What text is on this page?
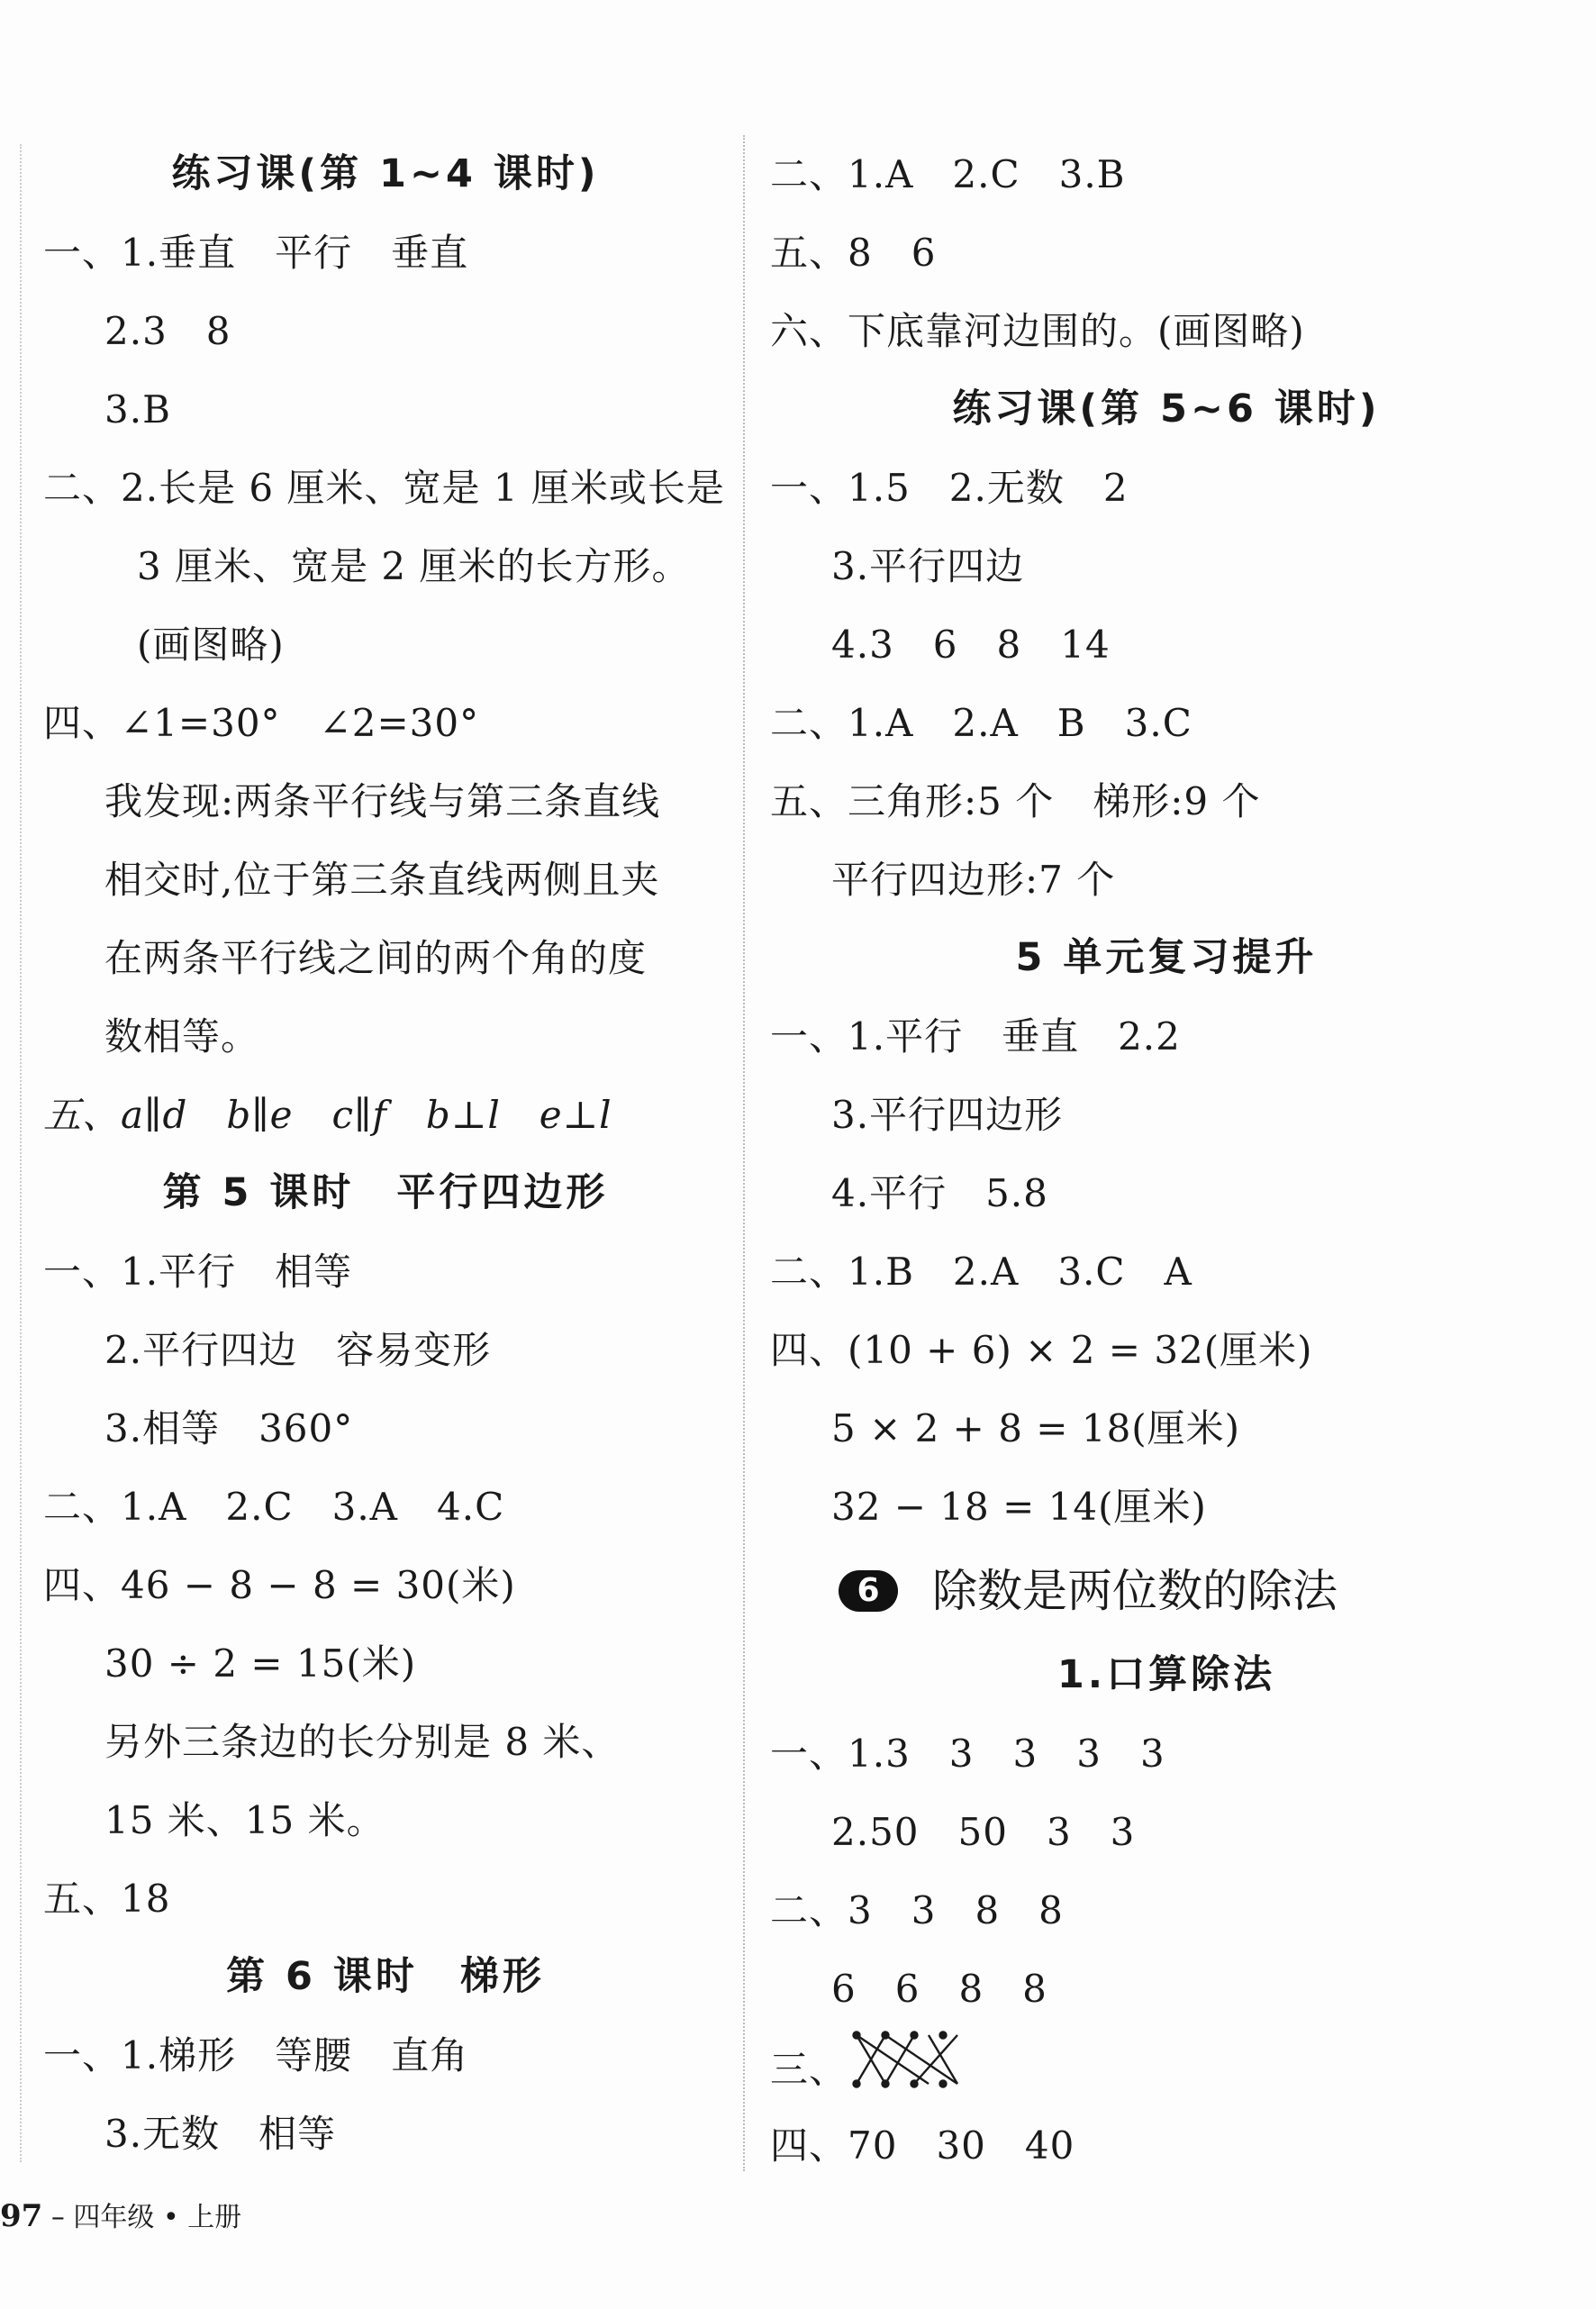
练习课(第 1~4 课时)
一、1.垂直　平行　垂直
2.3　8
3.B
二、2.长是 6 厘米、宽是 1 厘米或长是
3 厘米、宽是 2 厘米的长方形。
(画图略)
四、∠1=30°　∠2=30°
我发现:两条平行线与第三条直线
相交时,位于第三条直线两侧且夹
在两条平行线之间的两个角的度
数相等。
五、a∥d　b∥e　c∥f　b⊥l　e⊥l
第 5 课时　平行四边形
一、1.平行　相等
2.平行四边　容易变形
3.相等　360°
二、1.A　2.C　3.A　4.C
四、46 − 8 − 8 = 30(米)
30 ÷ 2 = 15(米)
另外三条边的长分别是 8 米、
15 米、15 米。
五、18
第 6 课时　梯形
一、1.梯形　等腰　直角
3.无数　相等
二、1.A　2.C　3.B
五、8　6
六、下底靠河边围的。(画图略)
练习课(第 5~6 课时)
一、1.5　2.无数　2
3.平行四边
4.3　6　8　14
二、1.A　2.A　B　3.C
五、三角形:5 个　梯形:9 个
平行四边形:7 个
5 单元复习提升
一、1.平行　垂直　2.2
3.平行四边形
4.平行　5.8
二、1.B　2.A　3.C　A
四、(10 + 6) × 2 = 32(厘米)
5 × 2 + 8 = 18(厘米)
32 − 18 = 14(厘米)
6 除数是两位数的除法
1.口算除法
一、1.3　3　3　3　3
2.50　50　3　3
二、3　3　8　8
6　6　8　8
三、
四、70　30　40
97 – 四年级 • 上册
